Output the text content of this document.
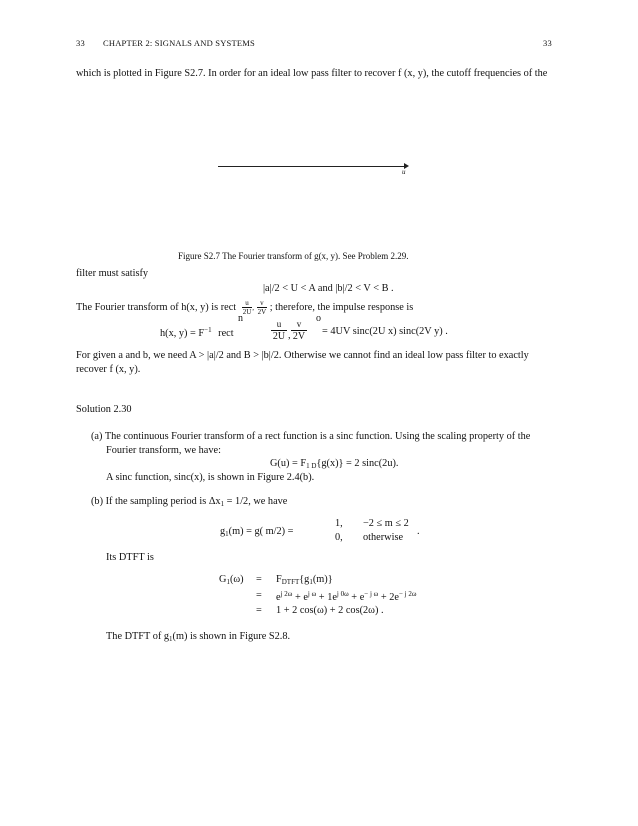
33 CHAPTER 2: SIGNALS AND SYSTEMS	33
which is plotted in Figure S2.7. In order for an ideal low pass filter to recover f (x, y), the cutoff frequencies of the
u
Figure S2.7 The Fourier transform of g(x, y). See Problem 2.29.
filter must satisfy
|a|/2 < U < A and |b|/2 < V < B .
The Fourier transform of h(x, y) is rect $\frac{u}{2U}$ , $\frac{v}{2V}$ ; therefore, the impulse response is
n	o
h(x, $y) = F^{-1}$ rect	$\frac{u}{2U}$ , $\frac{v}{2V} = 4UV$ sinc(2U x) sinc(2V y) .
For given a and b, we need A > |a|/2 and B > |b|/2. Otherwise we cannot find an ideal low pass filter to exactly
recover f (x, y).
Solution 2.30
(a) The continuous Fourier transform of a rect function is a sinc function. Using the scaling property of the
Fourier transform, we have:
$G(u) = F_{1 D}\{g(x)\} = 2$ sinc(2u).
A sinc function, sinc(x), is shown in Figure 2.4(b).
(b) If the sampling period is $\Delta x_1 = 1/2$, we have
$g_1(m) = g$( m/2) =
1, −2 ≤ m ≤ 2
0, otherwise
.
Its DTFT is
$G_1(\omega) = F_{DTFT}\{g_1(m)\}$
= $e^{j 2\omega} + e^{j \omega} + 1e^{j 0\omega} + e^{- j \omega} + 2e^{- j 2\omega}$
= 1 + 2 cos(ω) + 2 cos(2ω) .
The DTFT of $g_1(m)$ is shown in Figure S2.8.
